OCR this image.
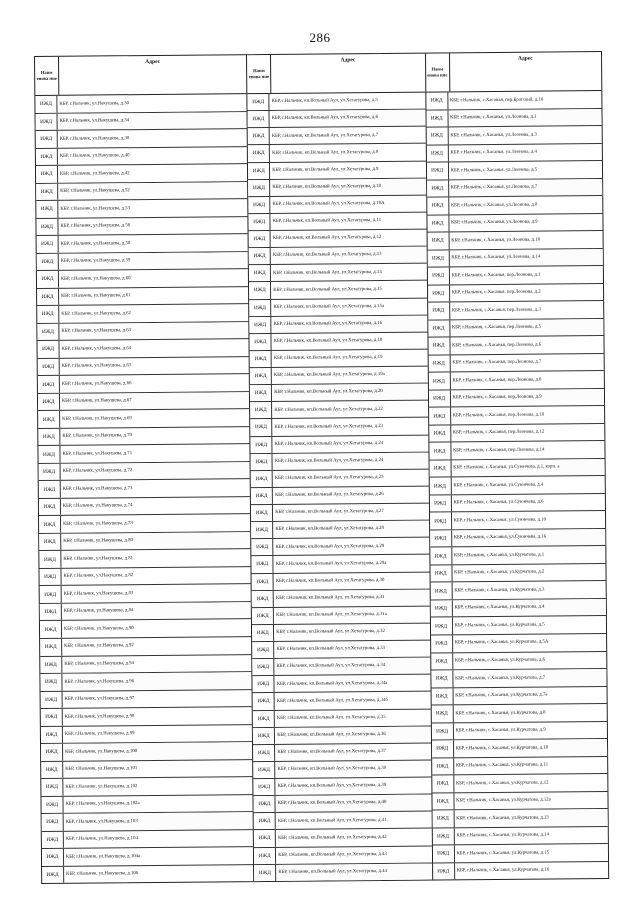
286
Наим енова ние
Адрес
ИЖД	КБР, г.Нальчик, ул.Накушева, д.30
ИЖД	КБР, г.Нальчик, ул.Накушева, д.34
ИЖД	КБР, г.Нальчик, ул.Накушева, д.38
ИЖД	КБР, г.Нальчик, ул.Накушева, д.40
ИЖД	КБР, г.Нальчик, ул.Накушева, д.42
ИЖД	КБР, г.Нальчик, ул.Накушева, д.52
ИЖД	КБР, г.Нальчик, ул.Накушева, д.53
ИЖД	КБР, г.Нальчик, ул.Накушева, д.56
ИЖД	КБР, г.Нальчик, ул.Накушева, д.58
ИЖД	КБР, г.Нальчик, ул.Накушева, д.59
ИЖД	КБР, г.Нальчик, ул.Накушева, д.60
ИЖД	КБР, г.Нальчик, ул.Накушева, д.61
ИЖД	КБР, г.Нальчик, ул.Накушева, д.62
ИЖД	КБР, г.Нальчик, ул.Накушева, д.63
ИЖД	КБР, г.Нальчик, ул.Накушева, д.64
ИЖД	КБР, г.Нальчик, ул.Накушева, д.65
ИЖД	КБР, г.Нальчик, ул.Накушева, д.66
ИЖД	КБР, г.Нальчик, ул.Накушева, д.67
ИЖД	КБР, г.Нальчик, ул.Накушева, д.69
ИЖД	КБР, г.Нальчик, ул.Накушева, д.70
ИЖД	КБР, г.Нальчик, ул.Накушева, д.71
ИЖД	КБР, г.Нальчик, ул.Накушева, д.72
ИЖД	КБР, г.Нальчик, ул.Накушева, д.73
ИЖД	КБР, г.Нальчик, ул.Накушева, д.74
ИЖД	КБР, г.Нальчик, ул.Накушева, д.78
ИЖД	КБР, г.Нальчик, ул.Накушева, д.80
ИЖД	КБР, г.Нальчик, ул.Накушева, д.81
ИЖД	КБР, г.Нальчик, ул.Накушева, д.82
ИЖД	КБР, г.Нальчик, ул.Накушева, д.83
ИЖД	КБР, г.Нальчик, ул.Накушева, д.84
ИЖД	КБР, г.Нальчик, ул.Накушева, д.90
ИЖД	КБР, г.Нальчик, ул.Накушева, д.92
ИЖД	КБР, г.Нальчик, ул.Накушева, д.94
ИЖД	КБР, г.Нальчик, ул.Накушева, д.96
ИЖД	КБР, г.Нальчик, ул.Накушева, д.97
ИЖД	КБР, г.Нальчик, ул.Накушева, д.98
ИЖД	КБР, г.Нальчик, ул.Накушева, д.99
ИЖД	КБР, г.Нальчик, ул.Накушева, д.100
ИЖД	КБР, г.Нальчик, ул.Накушева, д.101
ИЖД	КБР, г.Нальчик, ул.Накушева, д.102
ИЖД	КБР, г.Нальчик, ул.Накушева, д.102а
ИЖД	КБР, г.Нальчик, ул.Накушева, д.103
ИЖД	КБР, г.Нальчик, ул.Накушева, д.104
ИЖД	КБР, г.Нальчик, ул.Накушева, д.104а
ИЖД	КБР, г.Нальчик, ул.Накушева, д.106
Наим енова ние
Адрес
ИЖД	КБР, г.Нальчик, кп.Вольный Аул, ул.Хетагурова, д.5
ИЖД	КБР, г.Нальчик, кп.Вольный Аул, ул.Хетагурова, д.6
ИЖД	КБР, г.Нальчик, кп.Вольный Аул, ул.Хетагурова, д.7
ИЖД	КБР, г.Нальчик, кп.Вольный Аул, ул.Хетагурова, д.8
ИЖД	КБР, г.Нальчик, кп.Вольный Аул, ул.Хетагурова, д.9
ИЖД	КБР, г.Нальчик, кп.Вольный Аул, ул.Хетагурова, д.10
ИЖД	КБР, г.Нальчик, кп.Вольный Аул, ул.Хетагурова, д.10А
ИЖД	КБР, г.Нальчик, кп.Вольный Аул, ул.Хетагурова, д.11
ИЖД	КБР, г.Нальчик, кп.Вольный Аул, ул.Хетагурова, д.12
ИЖД	КБР, г.Нальчик, кп.Вольный Аул, ул.Хетагурова, д.13
ИЖД	КБР, г.Нальчик, кп.Вольный Аул, ул.Хетагурова, д.14
ИЖД	КБР, г.Нальчик, кп.Вольный Аул, ул.Хетагурова, д.15
ИЖД	КБР, г.Нальчик, кп.Вольный Аул, ул.Хетагурова, д.15а
ИЖД	КБР, г.Нальчик, кп.Вольный Аул, ул.Хетагурова, д.16
ИЖД	КБР, г.Нальчик, кп.Вольный Аул, ул.Хетагурова, д.18
ИЖД	КБР, г.Нальчик, кп.Вольный Аул, ул.Хетагурова, д.19
ИЖД	КБР, г.Нальчик, кп.Вольный Аул, ул.Хетагурова, д.19а
ИЖД	КБР, г.Нальчик, кп.Вольный Аул, ул.Хетагурова, д.20
ИЖД	КБР, г.Нальчик, кп.Вольный Аул, ул.Хетагурова, д.22
ИЖД	КБР, г.Нальчик, кп.Вольный Аул, ул.Хетагурова, д.23
ИЖД	КБР, г.Нальчик, кп.Вольный Аул, ул.Хетагурова, д.24
ИЖД	КБР, г.Нальчик, кп.Вольный Аул, ул.Хетагурова, д.24
ИЖД	КБР, г.Нальчик, кп.Вольный Аул, ул.Хетагурова, д.25
ИЖД	КБР, г.Нальчик, кп.Вольный Аул, ул.Хетагурова, д.26
ИЖД	КБР, г.Нальчик, кп.Вольный Аул, ул.Хетагурова, д.27
ИЖД	КБР, г.Нальчик, кп.Вольный Аул, ул.Хетагурова, д.28
ИЖД	КБР, г.Нальчик, кп.Вольный Аул, ул.Хетагурова, д.29
ИЖД	КБР, г.Нальчик, кп.Вольный Аул, ул.Хетагурова, д.29а
ИЖД	КБР, г.Нальчик, кп.Вольный Аул, ул.Хетагурова, д.30
ИЖД	КБР, г.Нальчик, кп.Вольный Аул, ул.Хетагурова, д.31
ИЖД	КБР, г.Нальчик, кп.Вольный Аул, ул.Хетагурова, д.31а
ИЖД	КБР, г.Нальчик, кп.Вольный Аул, ул.Хетагурова, д.32
ИЖД	КБР, г.Нальчик, кп.Вольный Аул, ул.Хетагурова, д.33
ИЖД	КБР, г.Нальчик, кп.Вольный Аул, ул.Хетагурова, д.34
ИЖД	КБР, г.Нальчик, кп.Вольный Аул, ул.Хетагурова, д.34а
ИЖД	КБР, г.Нальчик, кп.Вольный Аул, ул.Хетагурова, д.34б
ИЖД	КБР, г.Нальчик, кп.Вольный Аул, ул.Хетагурова, д.35
ИЖД	КБР, г.Нальчик, кп.Вольный Аул, ул.Хетагурова, д.36
ИЖД	КБР, г.Нальчик, кп.Вольный Аул, ул.Хетагурова, д.37
ИЖД	КБР, г.Нальчик, кп.Вольный Аул, ул.Хетагурова, д.38
ИЖД	КБР, г.Нальчик, кп.Вольный Аул, ул.Хетагурова, д.39
ИЖД	КБР, г.Нальчик, кп.Вольный Аул, ул.Хетагурова, д.40
ИЖД	КБР, г.Нальчик, кп.Вольный Аул, ул.Хетагурова, д.41
ИЖД	КБР, г.Нальчик, кп.Вольный Аул, ул.Хетагурова, д.42
ИЖД	КБР, г.Нальчик, кп.Вольный Аул, ул.Хетагурова, д.43
ИЖД	КБР, г.Нальчик, кп.Вольный Аул, ул.Хетагурова, д.44
Наим енова ние
Адрес
ИЖД	КБР, г.Нальчик, с.Хасанья, пер.Братский, д.10
ИЖД	КБР, г.Нальчик, с.Хасанья, ул.Леонова, д.1
ИЖД	КБР, г.Нальчик, с.Хасанья, ул.Леонова, д.3
ИЖД	КБР, г.Нальчик, с.Хасанья, ул.Леонова, д.4
ИЖД	КБР, г.Нальчик, с.Хасанья, ул.Леонова, д.5
ИЖД	КБР, г.Нальчик, с.Хасанья, ул.Леонова, д.7
ИЖД	КБР, г.Нальчик, с.Хасанья, ул.Леонова, д.8
ИЖД	КБР, г.Нальчик, с.Хасанья, ул.Леонова, д.9
ИЖД	КБР, г.Нальчик, с.Хасанья, ул.Леонова, д.10
ИЖД	КБР, г.Нальчик, с.Хасанья, ул.Леонова, д.14
ИЖД	КБР, г.Нальчик, с.Хасанья, пер.Леонова, д.1
ИЖД	КБР, г.Нальчик, с.Хасанья, пер.Леонова, д.2
ИЖД	КБР, г.Нальчик, с.Хасанья, пер.Леонова, д.3
ИЖД	КБР, г.Нальчик, с.Хасанья, пер.Леонова, д.5
ИЖД	КБР, г.Нальчик, с.Хасанья, пер.Леонова, д.6
ИЖД	КБР, г.Нальчик, с.Хасанья, пер.Леонова, д.7
ИЖД	КБР, г.Нальчик, с.Хасанья, пер.Леонова, д.8
ИЖД	КБР, г.Нальчик, с.Хасанья, пер.Леонова, д.9
ИЖД	КБР, г.Нальчик, с.Хасанья, пер.Леонова, д.10
ИЖД	КБР, г.Нальчик, с.Хасанья, пер.Леонова, д.12
ИЖД	КБР, г.Нальчик, с.Хасанья, пер.Леонова, д.14
ИЖД	КБР, г.Нальчик, с.Хасанья, ул.Суюнчева, д.1, корп. а
ИЖД	КБР, г.Нальчик, с.Хасанья, ул.Суюнчева, д.4
ИЖД	КБР, г.Нальчик, с.Хасанья, ул.Суюнчева, д.6
ИЖД	КБР, г.Нальчик, с.Хасанья, ул.Суюнчева, д.10
ИЖД	КБР, г.Нальчик, с.Хасанья, ул.Суюнчева, д.16
ИЖД	КБР, г.Нальчик, с.Хасанья, ул.Курчатова, д.1
ИЖД	КБР, г.Нальчик, с.Хасанья, ул.Курчатова, д.2
ИЖД	КБР, г.Нальчик, с.Хасанья, ул.Курчатова, д.3
ИЖД	КБР, г.Нальчик, с.Хасанья, ул.Курчатова, д.4
ИЖД	КБР, г.Нальчик, с.Хасанья, ул.Курчатова, д.5
ИЖД	КБР, г.Нальчик, с.Хасанья, ул.Курчатова, д.5А
ИЖД	КБР, г.Нальчик, с.Хасанья, ул.Курчатова, д.6
ИЖД	КБР, г.Нальчик, с.Хасанья, ул.Курчатова, д.7
ИЖД	КБР, г.Нальчик, с.Хасанья, ул.Курчатова, д.7а
ИЖД	КБР, г.Нальчик, с.Хасанья, ул.Курчатова, д.8
ИЖД	КБР, г.Нальчик, с.Хасанья, ул.Курчатова, д.9
ИЖД	КБР, г.Нальчик, с.Хасанья, ул.Курчатова, д.10
ИЖД	КБР, г.Нальчик, с.Хасанья, ул.Курчатова, д.11
ИЖД	КБР, г.Нальчик, с.Хасанья, ул.Курчатова, д.12
ИЖД	КБР, г.Нальчик, с.Хасанья, ул.Курчатова, д.12а
ИЖД	КБР, г.Нальчик, с.Хасанья, ул.Курчатова, д.13
ИЖД	КБР, г.Нальчик, с.Хасанья, ул.Курчатова, д.14
ИЖД	КБР, г.Нальчик, с.Хасанья, ул.Курчатова, д.15
ИЖД	КБР, г.Нальчик, с.Хасанья, ул.Курчатова, д.16
